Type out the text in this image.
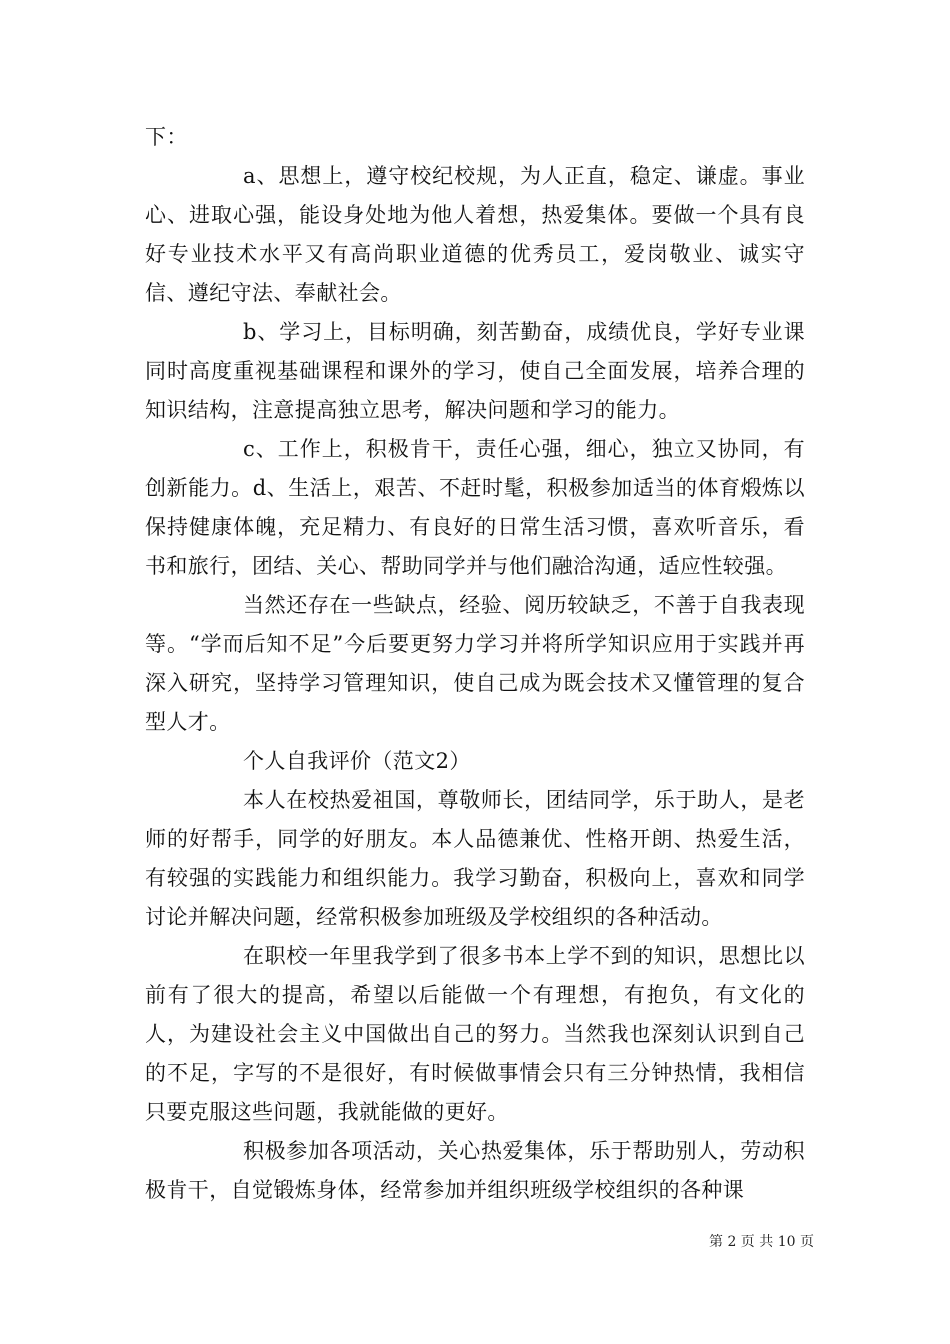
下：

a、思想上，遵守校纪校规，为人正直，稳定、谦虚。事业心、进取心强，能设身处地为他人着想，热爱集体。要做一个具有良好专业技术水平又有高尚职业道德的优秀员工，爱岗敬业、诚实守信、遵纪守法、奉献社会。

b、学习上，目标明确，刻苦勤奋，成绩优良，学好专业课同时高度重视基础课程和课外的学习，使自己全面发展，培养合理的知识结构，注意提高独立思考，解决问题和学习的能力。

c、工作上，积极肯干，责任心强，细心，独立又协同，有创新能力。d、生活上，艰苦、不赶时髦，积极参加适当的体育煅炼以保持健康体魄，充足精力、有良好的日常生活习惯，喜欢听音乐，看书和旅行，团结、关心、帮助同学并与他们融洽沟通，适应性较强。

当然还存在一些缺点，经验、阅历较缺乏，不善于自我表现等。“学而后知不足”今后要更努力学习并将所学知识应用于实践并再深入研究，坚持学习管理知识，使自己成为既会技术又懂管理的复合型人才。

个人自我评价（范文2）

本人在校热爱祖国，尊敬师长，团结同学，乐于助人，是老师的好帮手，同学的好朋友。本人品德兼优、性格开朗、热爱生活，有较强的实践能力和组织能力。我学习勤奋，积极向上，喜欢和同学讨论并解决问题，经常积极参加班级及学校组织的各种活动。

在职校一年里我学到了很多书本上学不到的知识，思想比以前有了很大的提高，希望以后能做一个有理想，有抱负，有文化的人，为建设社会主义中国做出自己的努力。当然我也深刻认识到自己的不足，字写的不是很好，有时候做事情会只有三分钟热情，我相信只要克服这些问题，我就能做的更好。

积极参加各项活动，关心热爱集体，乐于帮助别人，劳动积极肯干，自觉锻炼身体，经常参加并组织班级学校组织的各种课

第 2 页 共 10 页
